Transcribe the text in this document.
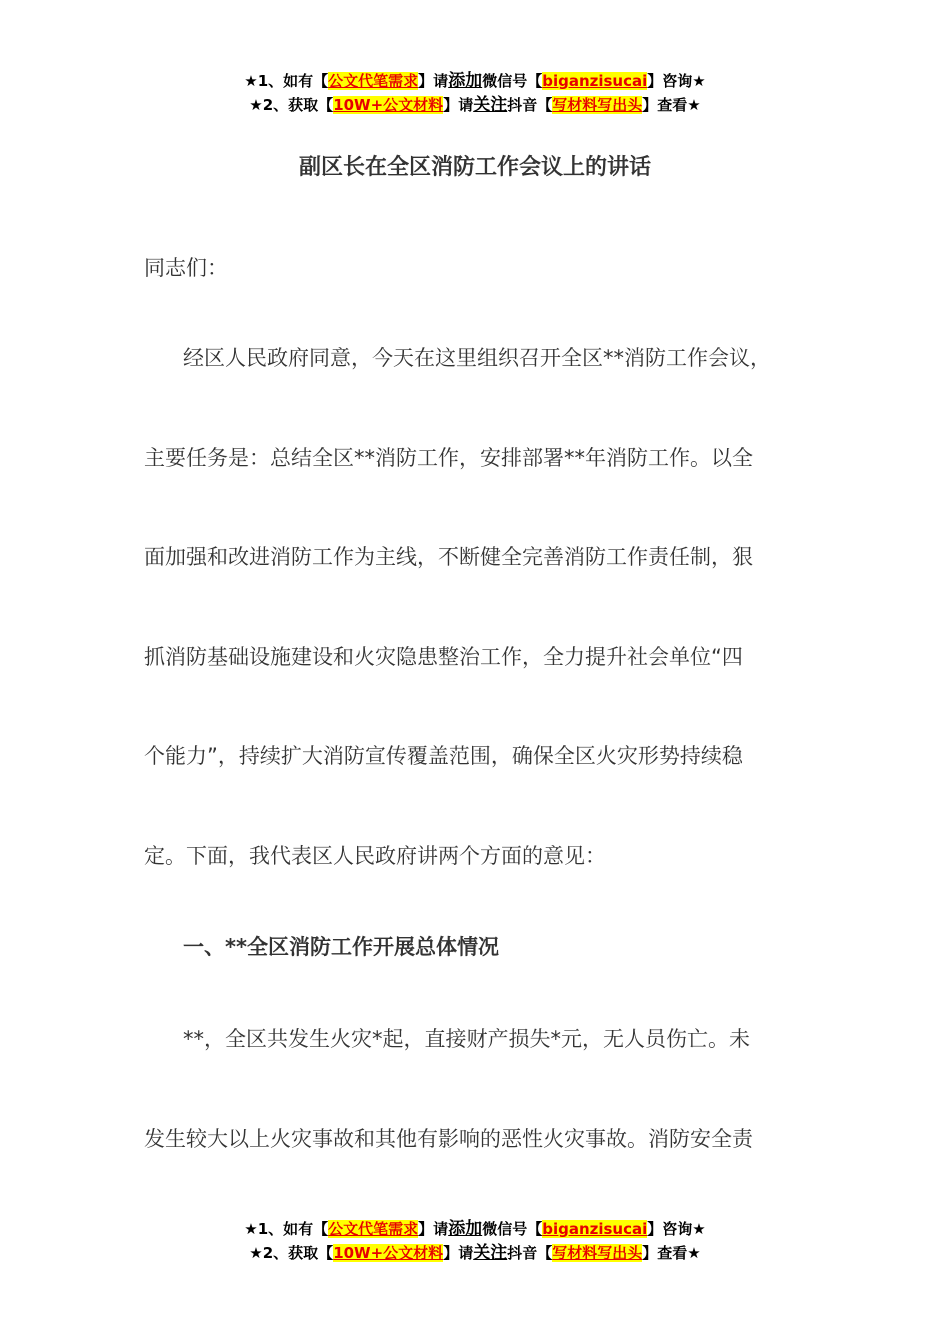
★1、如有【公文代笔需求】请添加微信号【biganzisucai】咨询★
★2、获取【10W+公文材料】请关注抖音【写材料写出头】查看★
副区长在全区消防工作会议上的讲话
同志们：
经区人民政府同意，今天在这里组织召开全区**消防工作会议，
主要任务是：总结全区**消防工作，安排部署**年消防工作。以全
面加强和改进消防工作为主线，不断健全完善消防工作责任制，狠
抓消防基础设施建设和火灾隐患整治工作，全力提升社会单位“四
个能力”，持续扩大消防宣传覆盖范围，确保全区火灾形势持续稳
定。下面，我代表区人民政府讲两个方面的意见：
一、**全区消防工作开展总体情况
**，全区共发生火灾*起，直接财产损失*元，无人员伤亡。未
发生较大以上火灾事故和其他有影响的恶性火灾事故。消防安全责
★1、如有【公文代笔需求】请添加微信号【biganzisucai】咨询★
★2、获取【10W+公文材料】请关注抖音【写材料写出头】查看★
